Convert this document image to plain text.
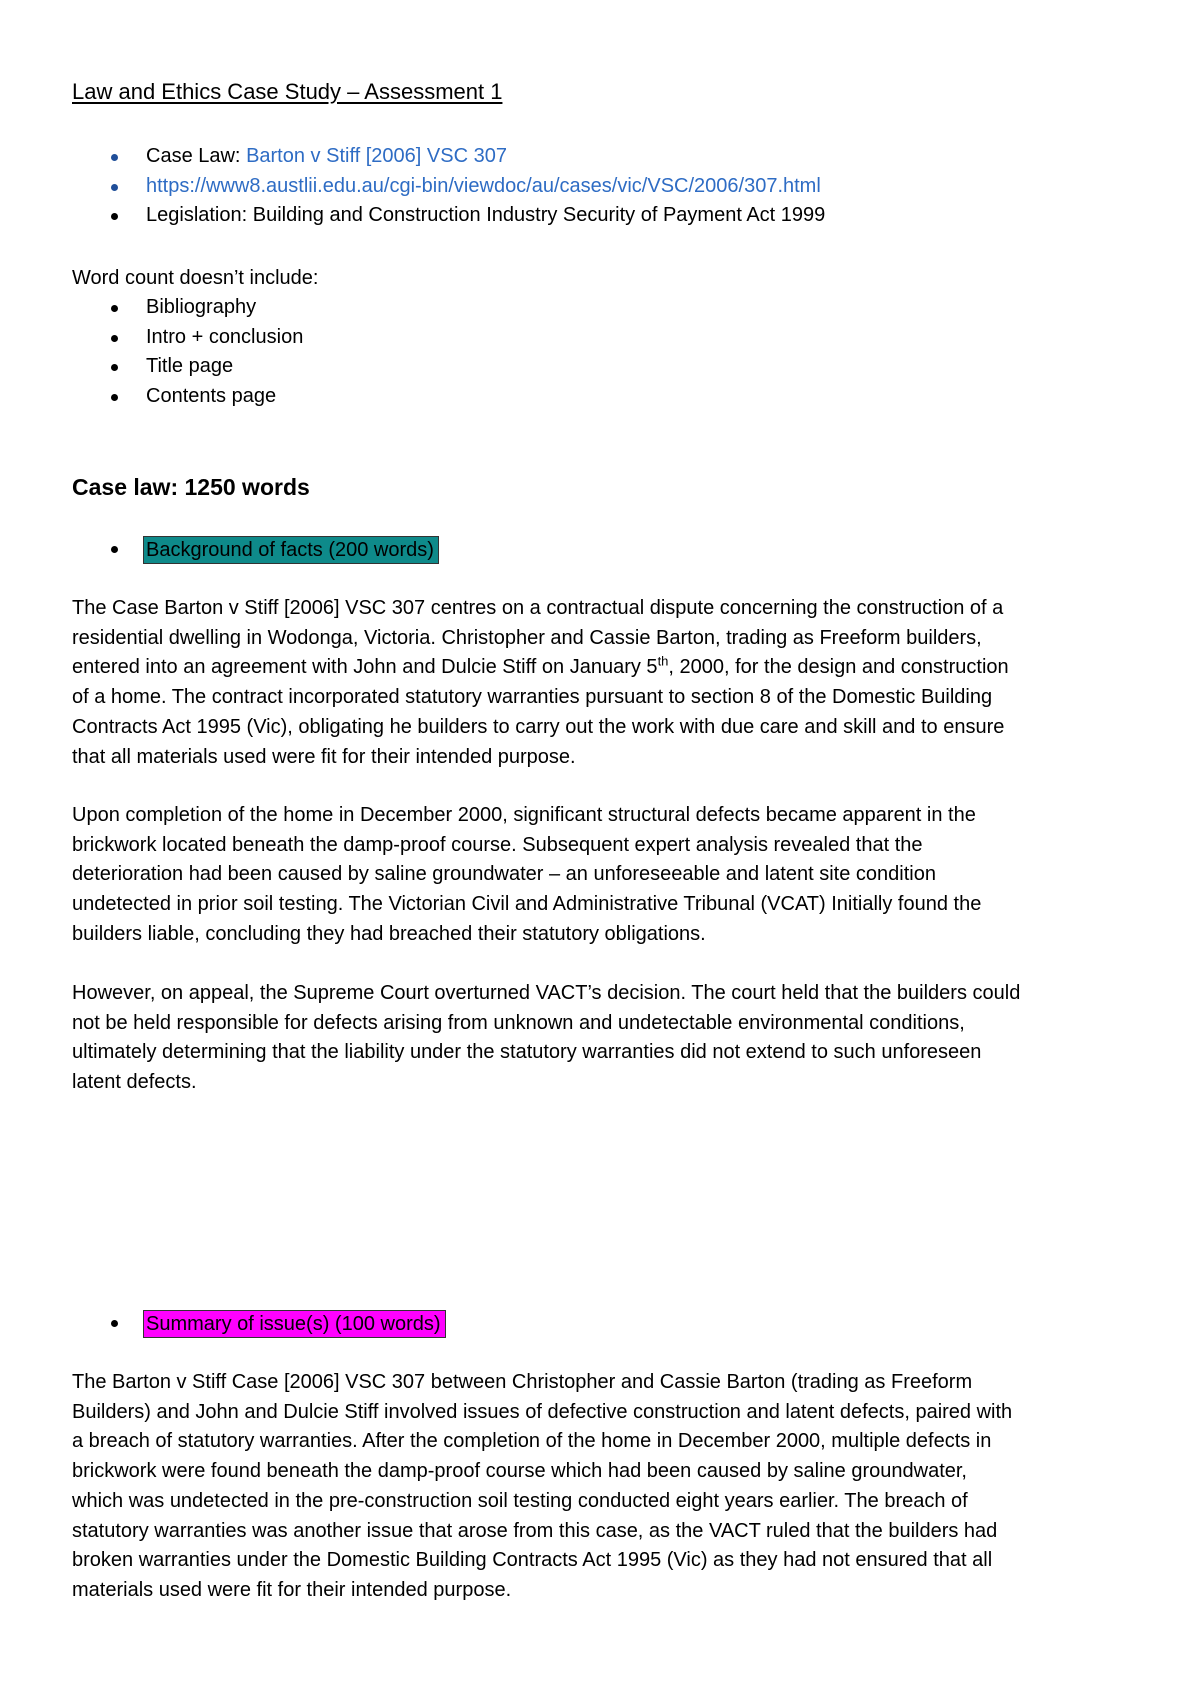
Law and Ethics Case Study – Assessment 1
Case Law: Barton v Stiff [2006] VSC 307
https://www8.austlii.edu.au/cgi-bin/viewdoc/au/cases/vic/VSC/2006/307.html
Legislation: Building and Construction Industry Security of Payment Act 1999
Word count doesn’t include:
Bibliography
Intro + conclusion
Title page
Contents page
Case law: 1250 words
Background of facts (200 words)
The Case Barton v Stiff [2006] VSC 307 centres on a contractual dispute concerning the construction of a
residential dwelling in Wodonga, Victoria. Christopher and Cassie Barton, trading as Freeform builders,
entered into an agreement with John and Dulcie Stiff on January 5th, 2000, for the design and construction
of a home. The contract incorporated statutory warranties pursuant to section 8 of the Domestic Building
Contracts Act 1995 (Vic), obligating he builders to carry out the work with due care and skill and to ensure
that all materials used were fit for their intended purpose.
Upon completion of the home in December 2000, significant structural defects became apparent in the
brickwork located beneath the damp-proof course. Subsequent expert analysis revealed that the
deterioration had been caused by saline groundwater – an unforeseeable and latent site condition
undetected in prior soil testing. The Victorian Civil and Administrative Tribunal (VCAT) Initially found the
builders liable, concluding they had breached their statutory obligations.
However, on appeal, the Supreme Court overturned VACT’s decision. The court held that the builders could
not be held responsible for defects arising from unknown and undetectable environmental conditions,
ultimately determining that the liability under the statutory warranties did not extend to such unforeseen
latent defects.
Summary of issue(s) (100 words)
The Barton v Stiff Case [2006] VSC 307 between Christopher and Cassie Barton (trading as Freeform
Builders) and John and Dulcie Stiff involved issues of defective construction and latent defects, paired with
a breach of statutory warranties. After the completion of the home in December 2000, multiple defects in
brickwork were found beneath the damp-proof course which had been caused by saline groundwater,
which was undetected in the pre-construction soil testing conducted eight years earlier. The breach of
statutory warranties was another issue that arose from this case, as the VACT ruled that the builders had
broken warranties under the Domestic Building Contracts Act 1995 (Vic) as they had not ensured that all
materials used were fit for their intended purpose.
